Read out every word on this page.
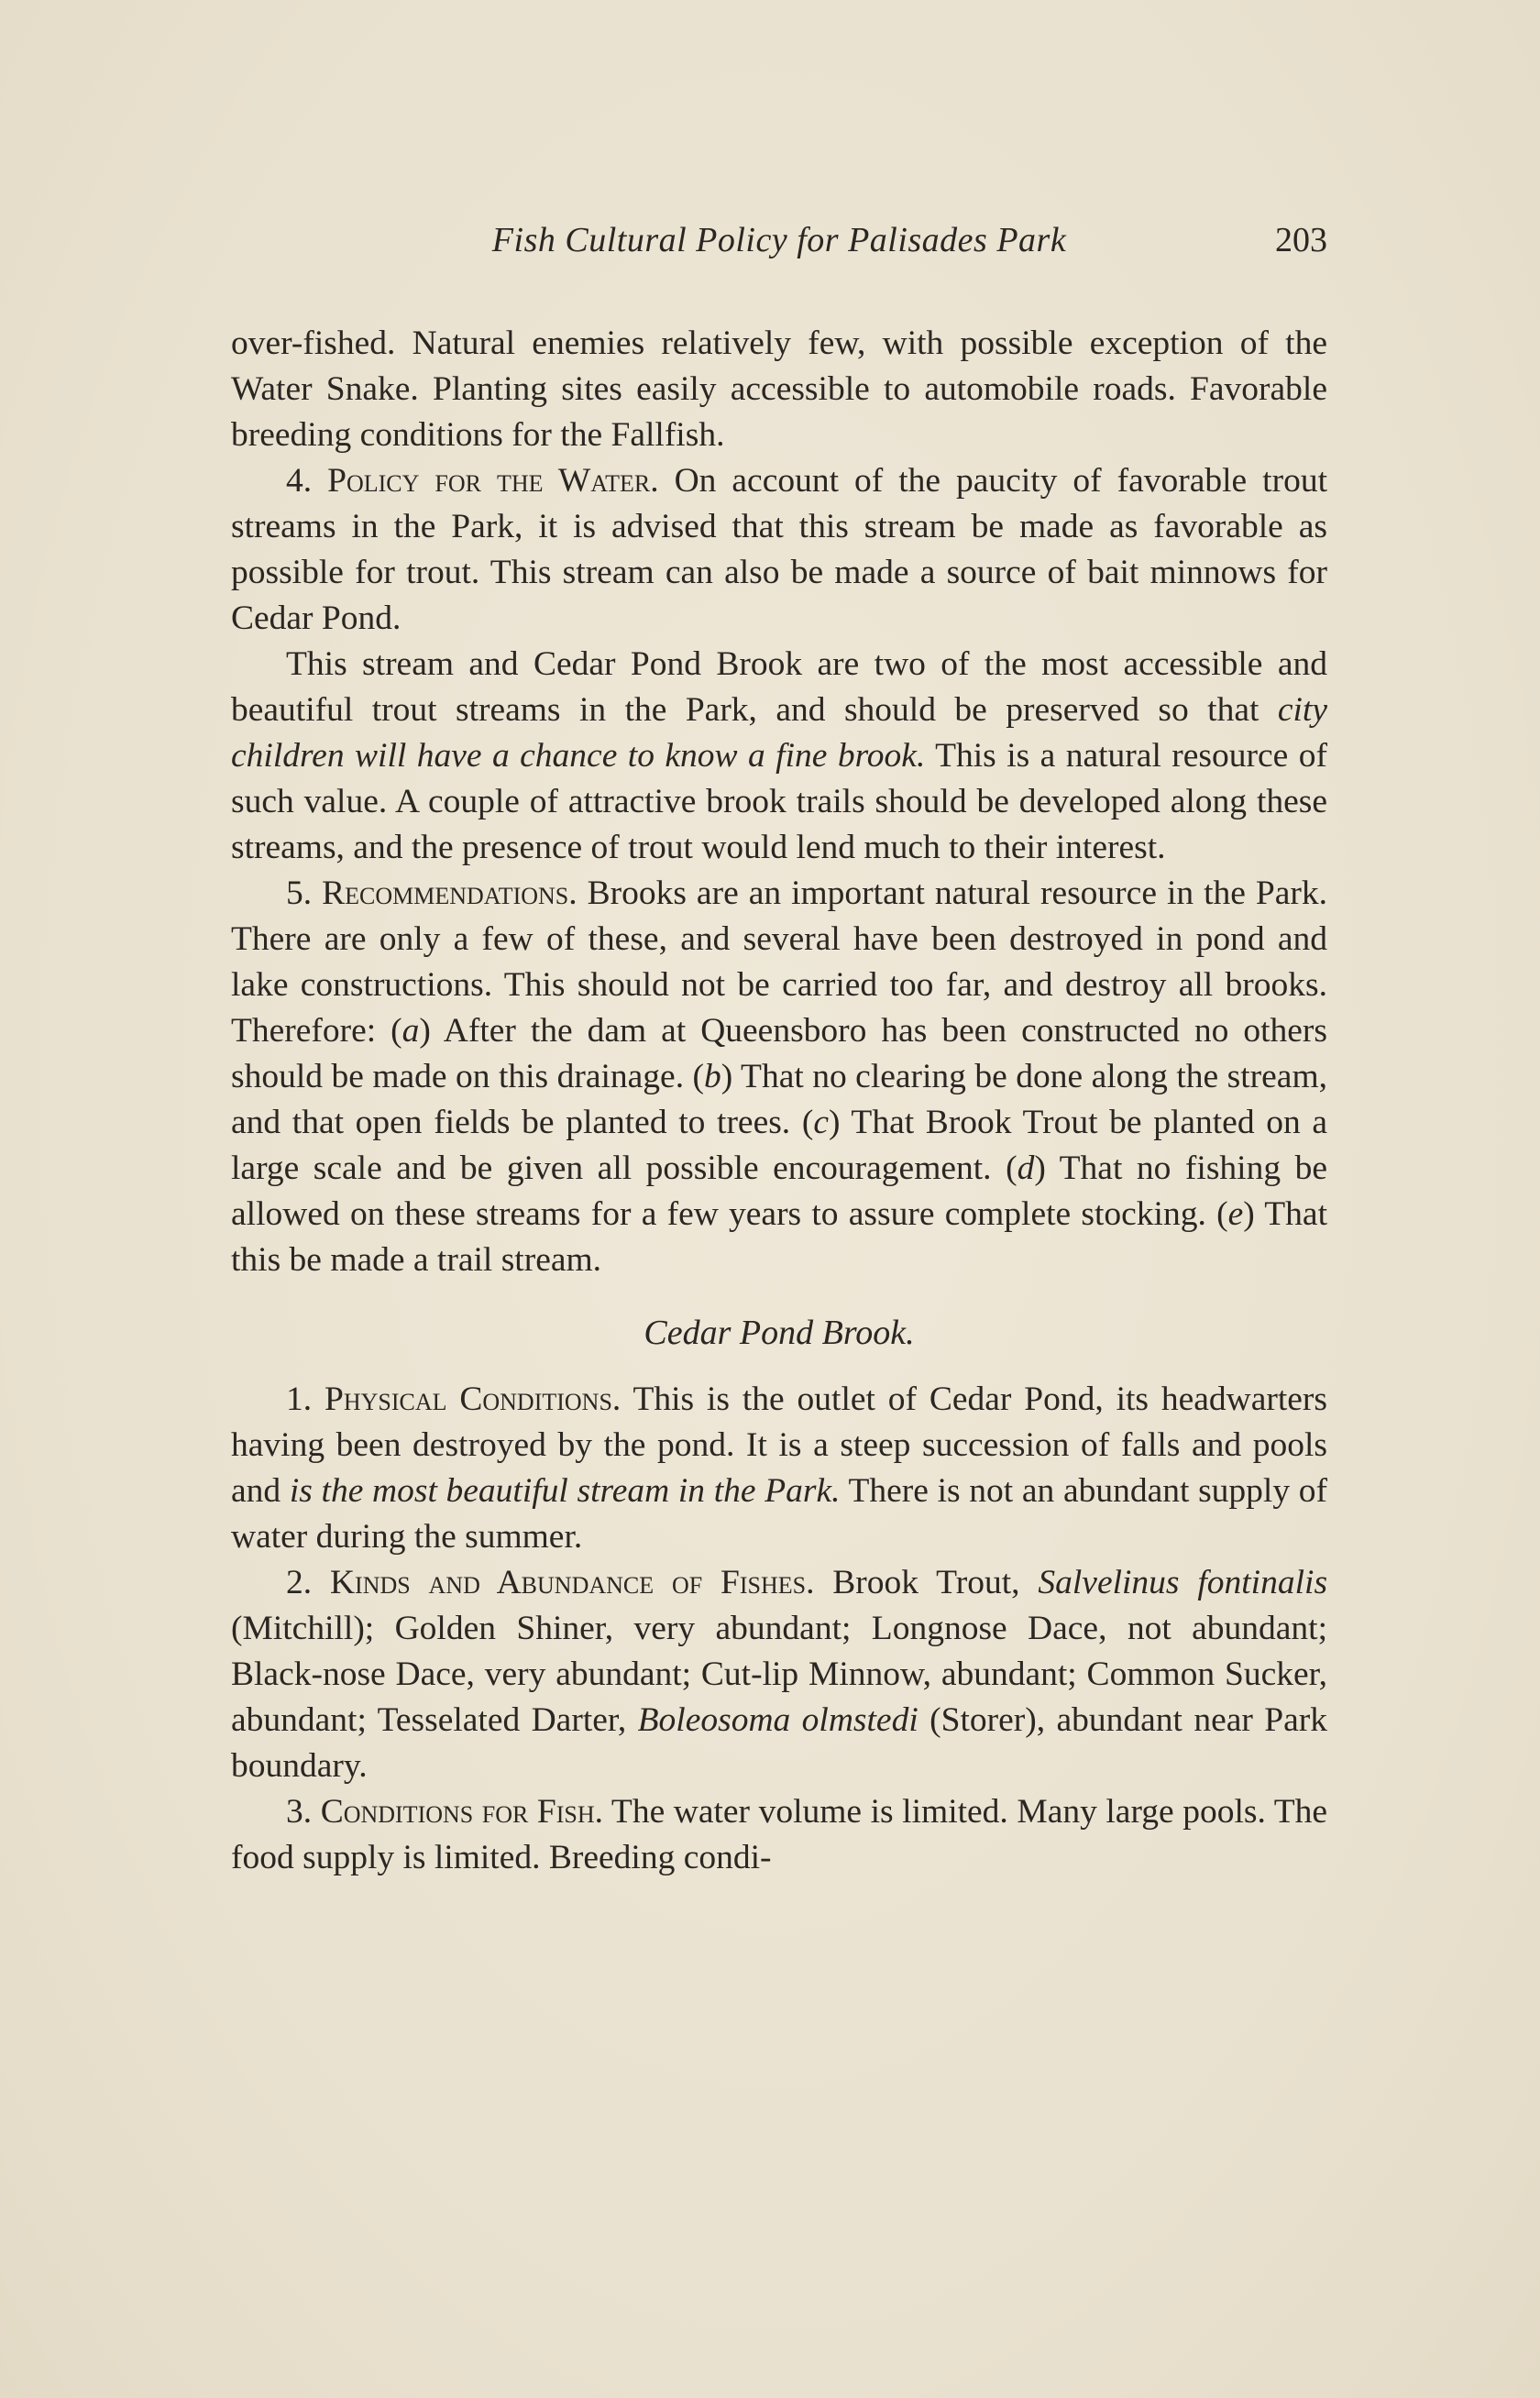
Fish Cultural Policy for Palisades Park	203

over-fished. Natural enemies relatively few, with possible exception of the Water Snake. Planting sites easily accessible to automobile roads. Favorable breeding conditions for the Fallfish.

4. Policy for the Water. On account of the paucity of favorable trout streams in the Park, it is advised that this stream be made as favorable as possible for trout. This stream can also be made a source of bait minnows for Cedar Pond.

This stream and Cedar Pond Brook are two of the most accessible and beautiful trout streams in the Park, and should be preserved so that city children will have a chance to know a fine brook. This is a natural resource of such value. A couple of attractive brook trails should be developed along these streams, and the presence of trout would lend much to their interest.

5. Recommendations. Brooks are an important natural resource in the Park. There are only a few of these, and several have been destroyed in pond and lake constructions. This should not be carried too far, and destroy all brooks. Therefore: (a) After the dam at Queensboro has been constructed no others should be made on this drainage. (b) That no clearing be done along the stream, and that open fields be planted to trees. (c) That Brook Trout be planted on a large scale and be given all possible encouragement. (d) That no fishing be allowed on these streams for a few years to assure complete stocking. (e) That this be made a trail stream.

Cedar Pond Brook.

1. Physical Conditions. This is the outlet of Cedar Pond, its headwarters having been destroyed by the pond. It is a steep succession of falls and pools and is the most beautiful stream in the Park. There is not an abundant supply of water during the summer.

2. Kinds and Abundance of Fishes. Brook Trout, Salvelinus fontinalis (Mitchill); Golden Shiner, very abundant; Longnose Dace, not abundant; Black-nose Dace, very abundant; Cut-lip Minnow, abundant; Common Sucker, abundant; Tesselated Darter, Boleosoma olmstedi (Storer), abundant near Park boundary.

3. Conditions for Fish. The water volume is limited. Many large pools. The food supply is limited. Breeding condi-
